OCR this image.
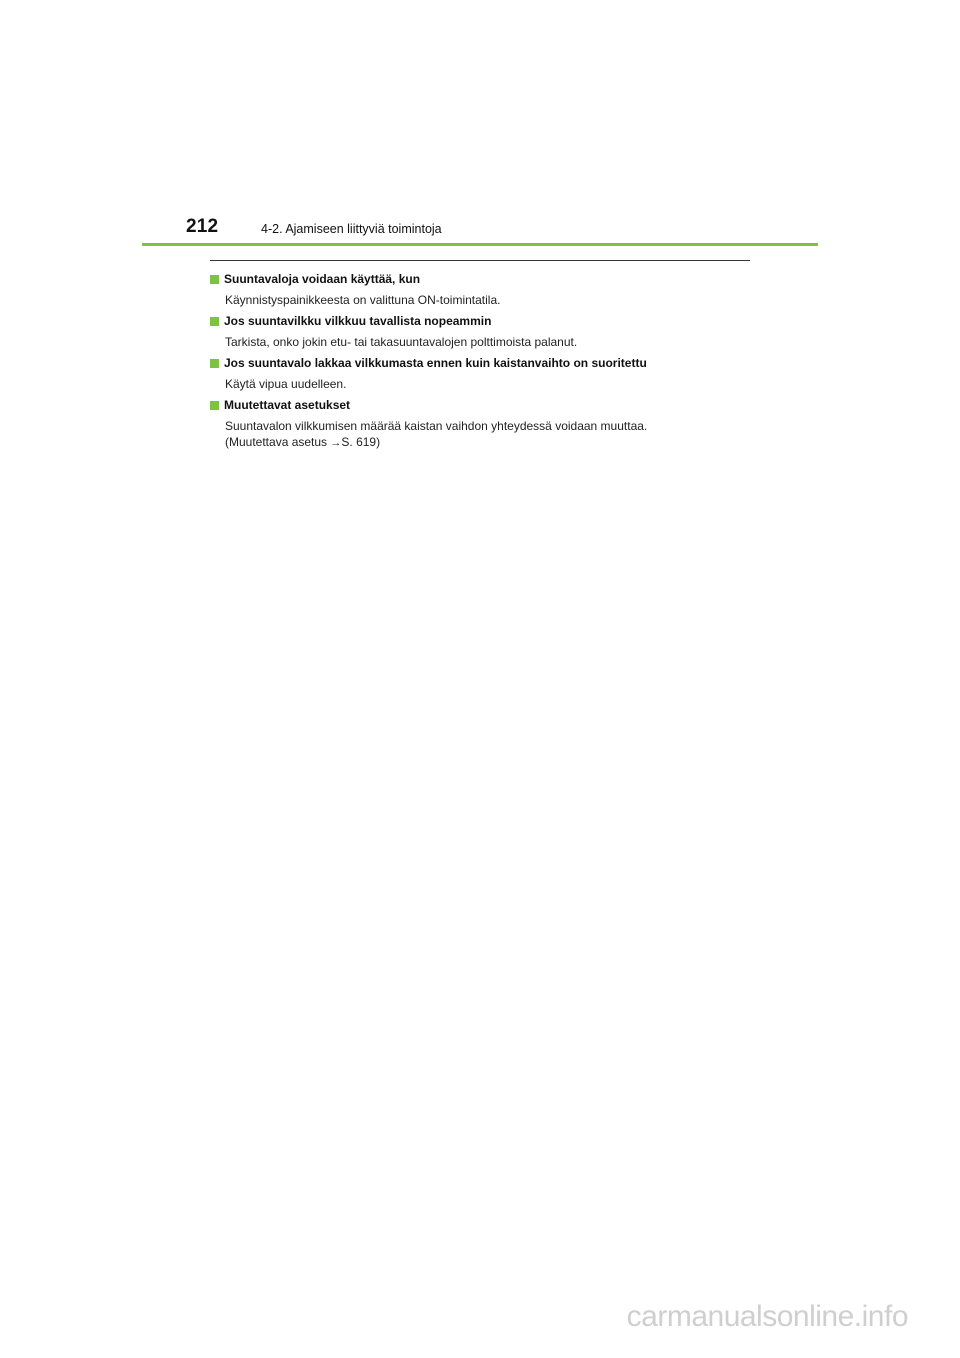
212	4-2. Ajamiseen liittyviä toimintoja
Suuntavaloja voidaan käyttää, kun
Käynnistyspainikkeesta on valittuna ON-toimintatila.
Jos suuntavilkku vilkkuu tavallista nopeammin
Tarkista, onko jokin etu- tai takasuuntavalojen polttimoista palanut.
Jos suuntavalo lakkaa vilkkumasta ennen kuin kaistanvaihto on suoritettu
Käytä vipua uudelleen.
Muutettavat asetukset
Suuntavalon vilkkumisen määrää kaistan vaihdon yhteydessä voidaan muuttaa.
(Muutettava asetus →S. 619)
carmanualsonline.info
